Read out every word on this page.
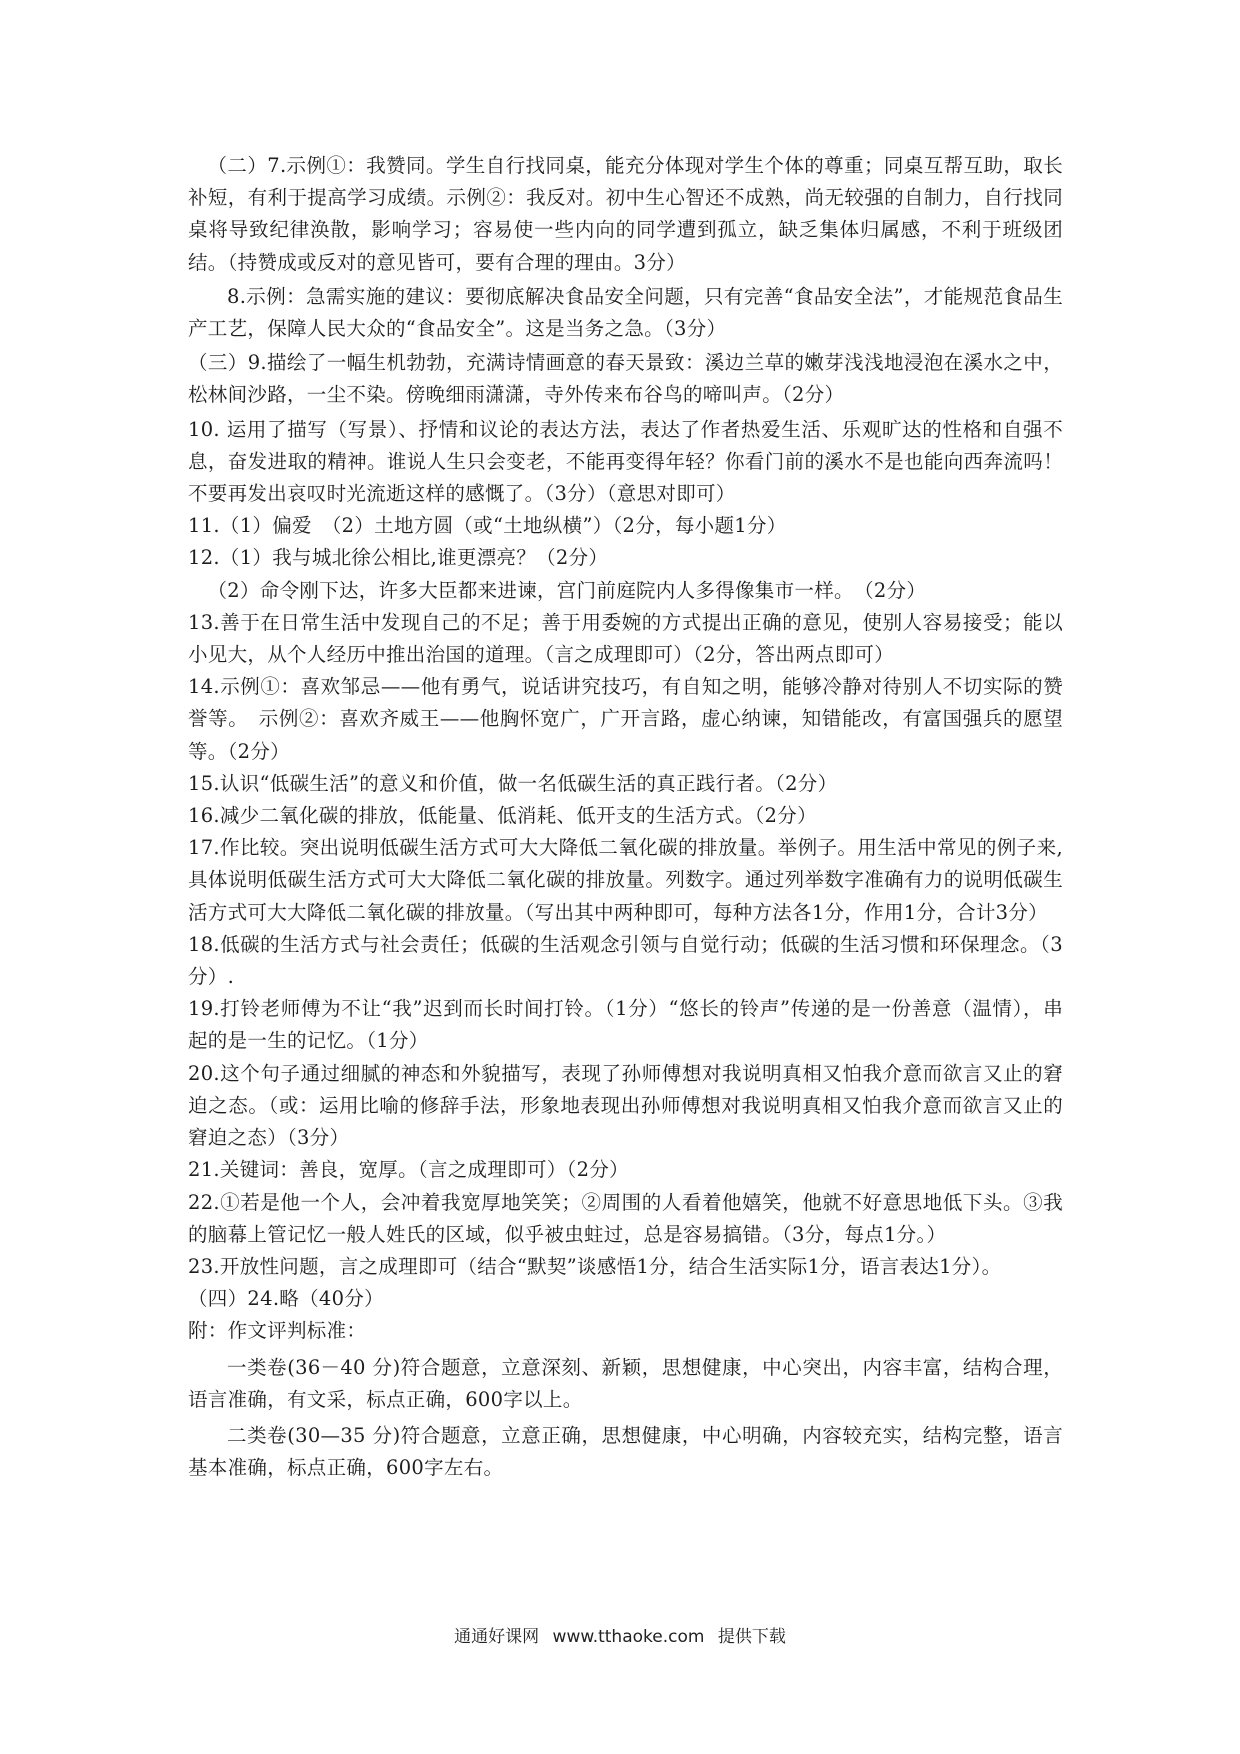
（二）7.示例①：我赞同。学生自行找同桌，能充分体现对学生个体的尊重；同桌互帮互助，取长补短，有利于提高学习成绩。示例②：我反对。初中生心智还不成熟，尚无较强的自制力，自行找同桌将导致纪律涣散，影响学习；容易使一些内向的同学遭到孤立，缺乏集体归属感，不利于班级团结。（持赞成或反对的意见皆可，要有合理的理由。3分）

8.示例：急需实施的建议：要彻底解决食品安全问题，只有完善“食品安全法”，才能规范食品生产工艺，保障人民大众的“食品安全”。这是当务之急。（3分）

（三）9.描绘了一幅生机勃勃，充满诗情画意的春天景致：溪边兰草的嫩芽浅浅地浸泡在溪水之中，松林间沙路，一尘不染。傍晚细雨潇潇，寺外传来布谷鸟的啼叫声。（2分）

10. 运用了描写（写景）、抒情和议论的表达方法，表达了作者热爱生活、乐观旷达的性格和自强不息，奋发进取的精神。谁说人生只会变老，不能再变得年轻？你看门前的溪水不是也能向西奔流吗！不要再发出哀叹时光流逝这样的感慨了。（3分）（意思对即可）

11.（1）偏爱　（2）土地方圆（或“土地纵横”）（2分，每小题1分）

12.（1）我与城北徐公相比,谁更漂亮？（2分）

（2）命令刚下达，许多大臣都来进谏，宫门前庭院内人多得像集市一样。　（2分）

13.善于在日常生活中发现自己的不足；善于用委婉的方式提出正确的意见，使别人容易接受；能以小见大，从个人经历中推出治国的道理。（言之成理即可）（2分，答出两点即可）

14.示例①：喜欢邹忌——他有勇气，说话讲究技巧，有自知之明，能够冷静对待别人不切实际的赞誉等。　示例②：喜欢齐威王——他胸怀宽广，广开言路，虚心纳谏，知错能改，有富国强兵的愿望等。（2分）

15.认识“低碳生活”的意义和价值，做一名低碳生活的真正践行者。（2分）

16.减少二氧化碳的排放，低能量、低消耗、低开支的生活方式。（2分）

17.作比较。突出说明低碳生活方式可大大降低二氧化碳的排放量。举例子。用生活中常见的例子来,具体说明低碳生活方式可大大降低二氧化碳的排放量。列数字。通过列举数字准确有力的说明低碳生活方式可大大降低二氧化碳的排放量。（写出其中两种即可，每种方法各1分，作用1分，合计3分）

18.低碳的生活方式与社会责任；低碳的生活观念引领与自觉行动；低碳的生活习惯和环保理念。（3分）.

19.打铃老师傅为不让“我”迟到而长时间打铃。（1分）“悠长的铃声”传递的是一份善意（温情），串起的是一生的记忆。（1分）

20.这个句子通过细腻的神态和外貌描写，表现了孙师傅想对我说明真相又怕我介意而欲言又止的窘迫之态。（或：运用比喻的修辞手法，形象地表现出孙师傅想对我说明真相又怕我介意而欲言又止的窘迫之态）（3分）

21.关键词：善良，宽厚。（言之成理即可）（2分）

22.①若是他一个人，会冲着我宽厚地笑笑；②周围的人看着他嬉笑，他就不好意思地低下头。③我的脑幕上管记忆一般人姓氏的区域，似乎被虫蛀过，总是容易搞错。（3分，每点1分。）

23.开放性问题，言之成理即可（结合“默契”谈感悟1分，结合生活实际1分，语言表达1分）。

（四）24.略（40分）

附：作文评判标准：

一类卷(36－40 分)符合题意，立意深刻、新颖，思想健康，中心突出，内容丰富，结构合理，语言准确，有文采，标点正确，600字以上。

二类卷(30—35 分)符合题意，立意正确，思想健康，中心明确，内容较充实，结构完整，语言基本准确，标点正确，600字左右。

通通好课网 www.tthaoke.com 提供下载
